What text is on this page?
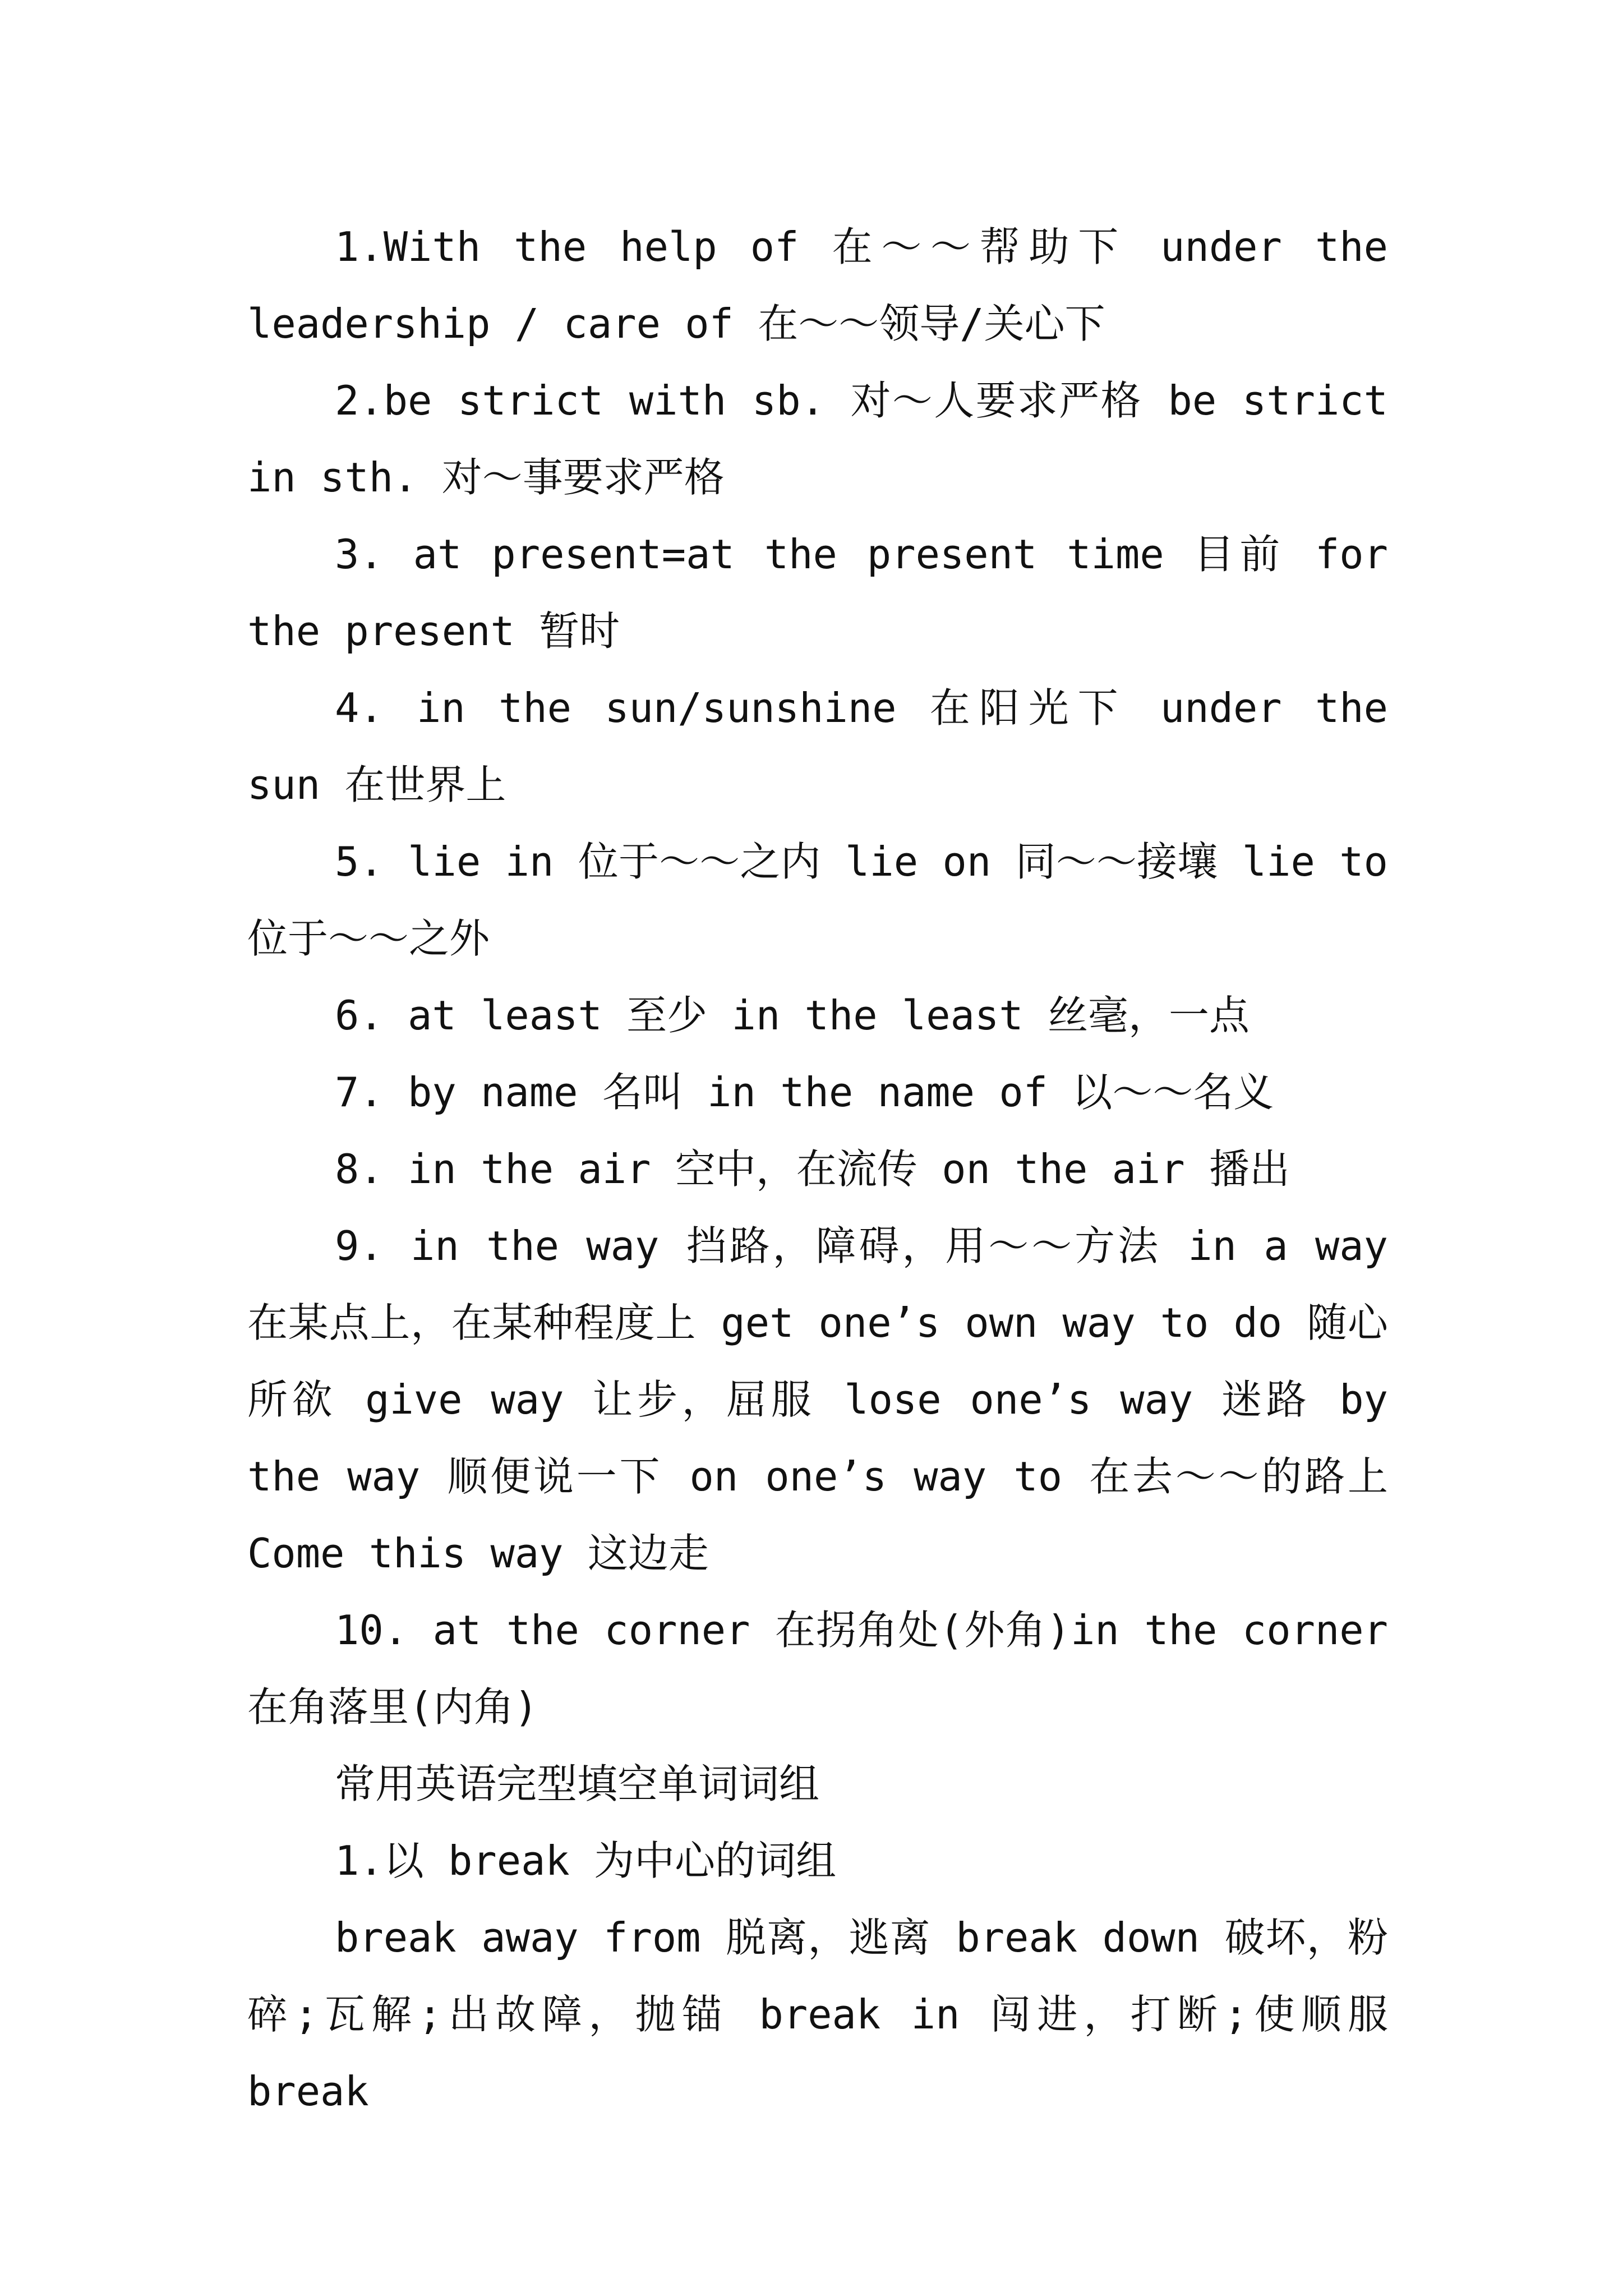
1.With the help of 在～～帮助下 under the leadership / care of 在～～领导/关心下

2.be strict with sb. 对～人要求严格 be strict in sth. 对～事要求严格

3. at present=at the present time 目前 for the present 暂时

4. in the sun/sunshine 在阳光下 under the sun 在世界上

5. lie in 位于～～之内 lie on 同～～接壤 lie to 位于～～之外

6. at least 至少 in the least 丝毫，一点

7. by name 名叫 in the name of 以～～名义

8. in the air 空中，在流传 on the air 播出

9. in the way 挡路，障碍，用～～方法 in a way 在某点上，在某种程度上 get one’s own way to do 随心所欲 give way 让步，屈服 lose one’s way 迷路 by the way 顺便说一下 on one’s way to 在去～～的路上 Come this way 这边走

10. at the corner 在拐角处(外角)in the corner 在角落里(内角)

常用英语完型填空单词词组

1.以 break 为中心的词组

break away from 脱离，逃离 break down 破坏，粉碎;瓦解;出故障，抛锚 break in 闯进，打断;使顺服 break
